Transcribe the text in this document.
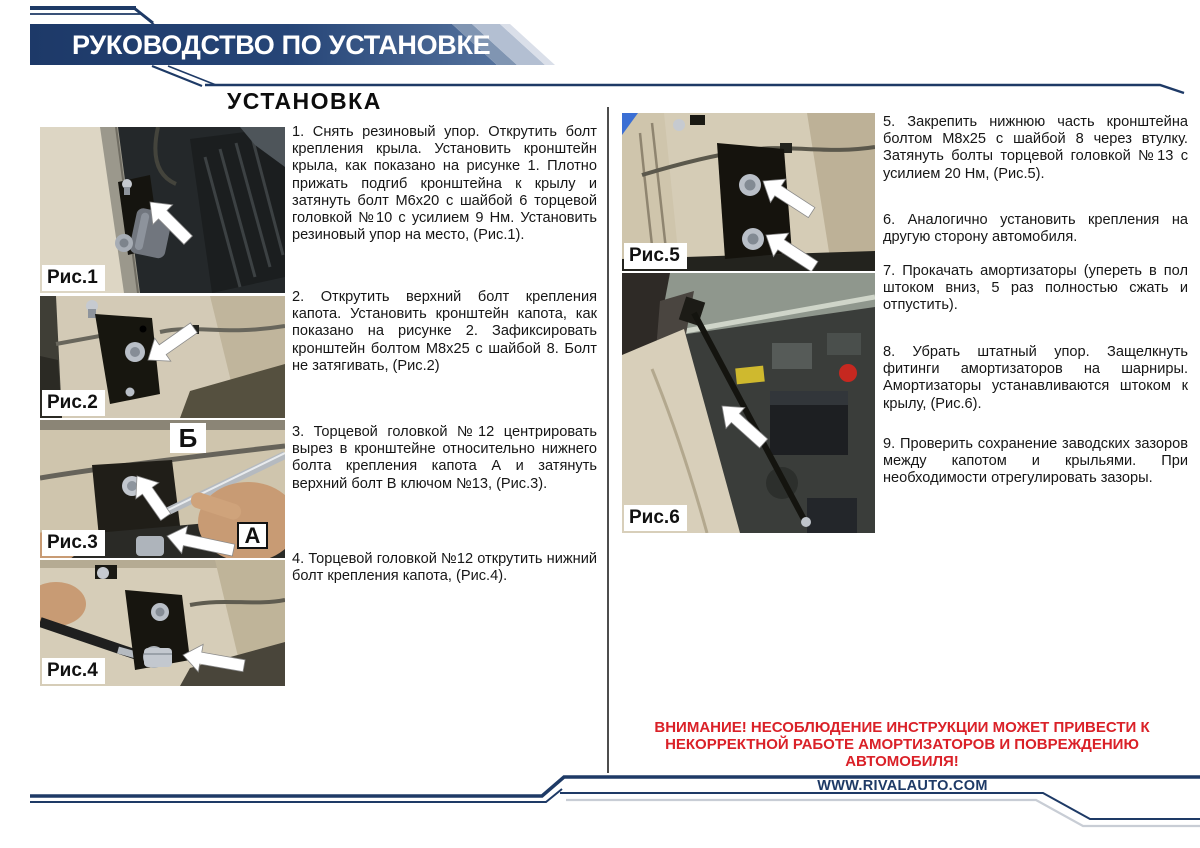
РУКОВОДСТВО ПО УСТАНОВКЕ
УСТАНОВКА
Рис.1
Рис.2
Б
А
Рис.3
Рис.4
1. Снять резиновый упор. Открутить болт крепления крыла. Установить кронштейн крыла, как показано на рисунке 1. Плотно прижать подгиб кронштейна к крылу и затянуть болт М6х20 с шайбой 6 торцевой головкой №10 с усилием 9 Нм. Установить резиновый упор на место, (Рис.1).
2. Открутить верхний болт крепления капота. Установить кронштейн капота, как показано на рисунке 2. Зафиксировать кронштейн болтом М8х25 с шайбой 8. Болт не затягивать, (Рис.2)
3. Торцевой головкой №12 центрировать вырез в кронштейне относительно нижнего болта крепления капота А и затянуть верхний болт В ключом №13, (Рис.3).
4. Торцевой головкой №12 открутить нижний болт крепления капота, (Рис.4).
Рис.5
Рис.6
5. Закрепить нижнюю часть кронштейна болтом М8х25 с шайбой 8 через втулку. Затянуть болты торцевой головкой №13 с усилием 20 Нм, (Рис.5).
6. Аналогично установить крепления на другую сторону автомобиля.
7. Прокачать амортизаторы (упереть в пол штоком вниз, 5 раз полностью сжать и отпустить).
8. Убрать штатный упор. Защелкнуть фитинги амортизаторов на шарниры. Амортизаторы устанавливаются штоком к крылу, (Рис.6).
9. Проверить сохранение заводских зазоров между капотом и крыльями. При необходимости отрегулировать зазоры.
ВНИМАНИЕ! НЕСОБЛЮДЕНИЕ ИНСТРУКЦИИ МОЖЕТ ПРИВЕСТИ К НЕКОРРЕКТНОЙ РАБОТЕ АМОРТИЗАТОРОВ И ПОВРЕЖДЕНИЮ АВТОМОБИЛЯ!
WWW.RIVALAUTO.COM
